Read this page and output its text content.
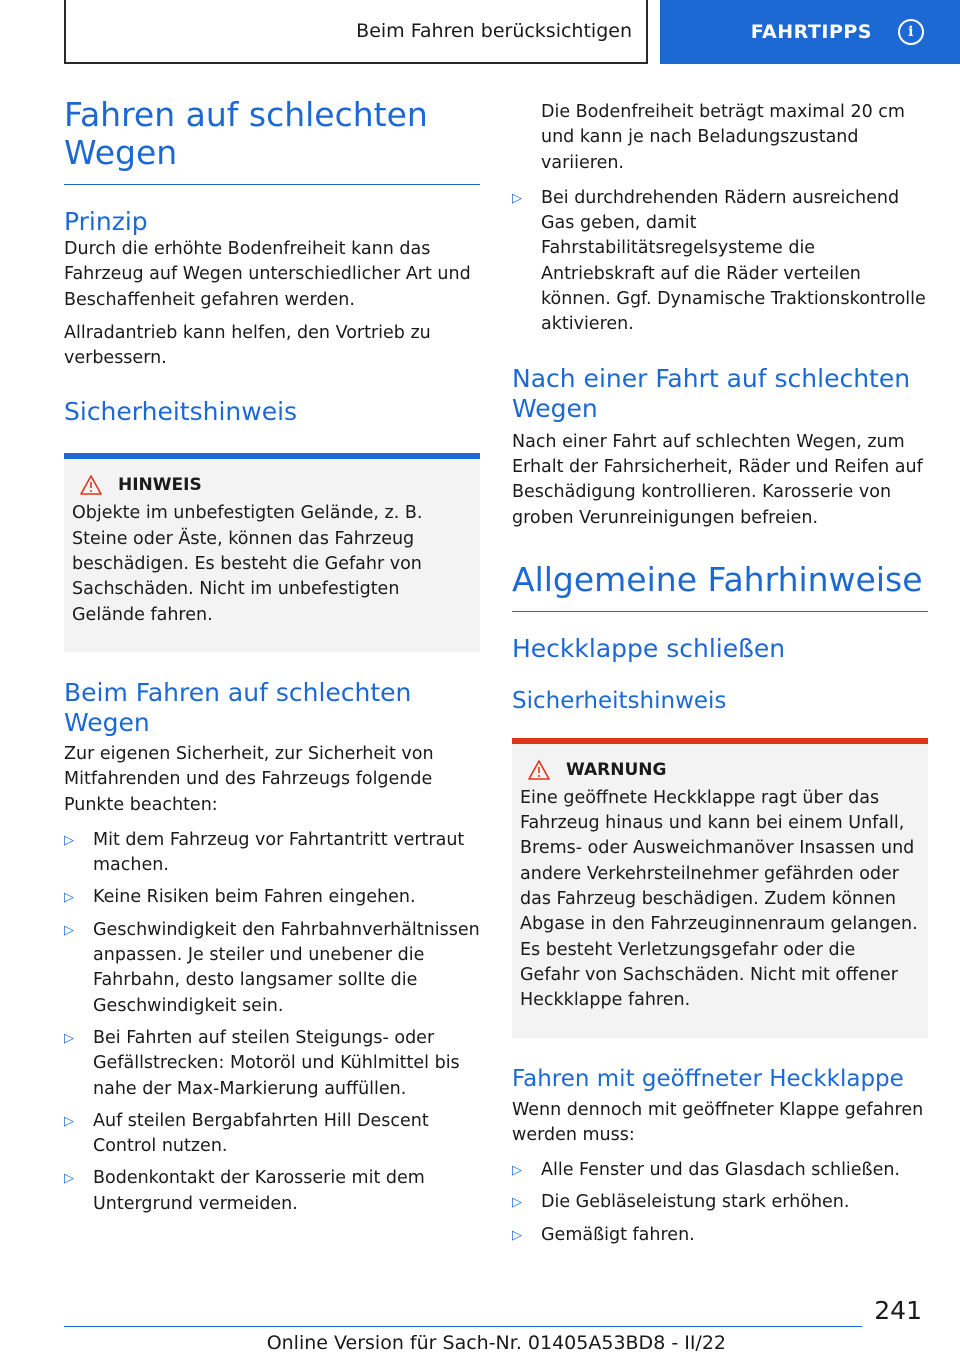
Beim Fahren berücksichtigen	FAHRTIPPS	i
Fahren auf schlechten Wegen
Prinzip

Durch die erhöhte Bodenfreiheit kann das Fahrzeug auf Wegen unterschiedlicher Art und Beschaffenheit gefahren werden.

Allradantrieb kann helfen, den Vortrieb zu verbessern.

Sicherheitshinweis
HINWEIS

Objekte im unbefestigten Gelände, z. B. Steine oder Äste, können das Fahrzeug beschädigen. Es besteht die Gefahr von Sachschäden. Nicht im unbefestigten Gelände fahren.

Beim Fahren auf schlechten Wegen

Zur eigenen Sicherheit, zur Sicherheit von Mitfahrenden und des Fahrzeugs folgende Punkte beachten:

▷ Mit dem Fahrzeug vor Fahrtantritt vertraut machen.
▷ Keine Risiken beim Fahren eingehen.
▷ Geschwindigkeit den Fahrbahnverhältnissen anpassen. Je steiler und unebener die Fahrbahn, desto langsamer sollte die Geschwindigkeit sein.
▷ Bei Fahrten auf steilen Steigungs- oder Gefällstrecken: Motoröl und Kühlmittel bis nahe der Max-Markierung auffüllen.
▷ Auf steilen Bergabfahrten Hill Descent Control nutzen.
▷ Bodenkontakt der Karosserie mit dem Untergrund vermeiden.

Die Bodenfreiheit beträgt maximal 20 cm und kann je nach Beladungszustand variieren.

▷ Bei durchdrehenden Rädern ausreichend Gas geben, damit Fahrstabilitätsregelsysteme die Antriebskraft auf die Räder verteilen können. Ggf. Dynamische Traktionskontrolle aktivieren.
Nach einer Fahrt auf schlechten Wegen

Nach einer Fahrt auf schlechten Wegen, zum Erhalt der Fahrsicherheit, Räder und Reifen auf Beschädigung kontrollieren. Karosserie von groben Verunreinigungen befreien.

Allgemeine Fahrhinweise
Heckklappe schließen
Sicherheitshinweis
WARNUNG

Eine geöffnete Heckklappe ragt über das Fahrzeug hinaus und kann bei einem Unfall, Brems- oder Ausweichmanöver Insassen und andere Verkehrsteilnehmer gefährden oder das Fahrzeug beschädigen. Zudem können Abgase in den Fahrzeuginnenraum gelangen. Es besteht Verletzungsgefahr oder die Gefahr von Sachschäden. Nicht mit offener Heckklappe fahren.

Fahren mit geöffneter Heckklappe

Wenn dennoch mit geöffneter Klappe gefahren werden muss:

▷ Alle Fenster und das Glasdach schließen.
▷ Die Gebläseleistung stark erhöhen.
▷ Gemäßigt fahren.
241
Online Version für Sach-Nr. 01405A53BD8 - II/22
